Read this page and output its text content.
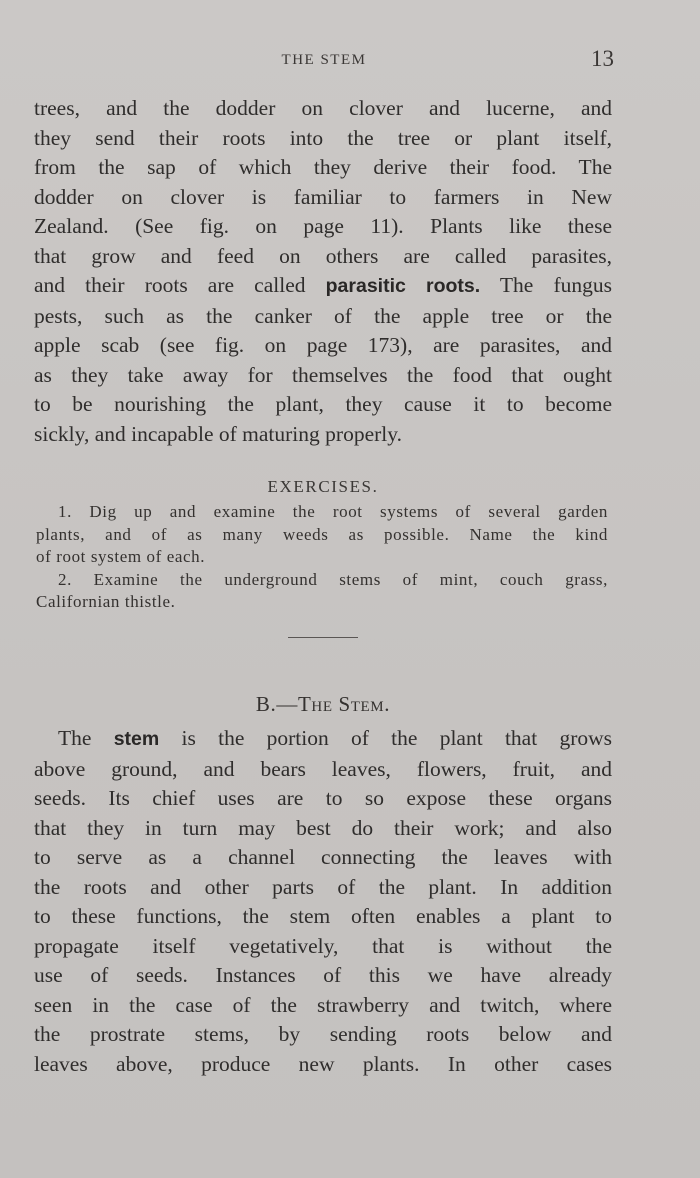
THE STEM	13
trees, and the dodder on clover and lucerne, and
they send their roots into the tree or plant itself,
from the sap of which they derive their food. The
dodder on clover is familiar to farmers in New
Zealand. (See fig. on page 11). Plants like these
that grow and feed on others are called parasites,
and their roots are called parasitic roots. The fungus
pests, such as the canker of the apple tree or the
apple scab (see fig. on page 173), are parasites, and
as they take away for themselves the food that ought
to be nourishing the plant, they cause it to become
sickly, and incapable of maturing properly.
EXERCISES.
1. Dig up and examine the root systems of several garden
plants, and of as many weeds as possible. Name the kind
of root system of each.
2. Examine the underground stems of mint, couch grass,
Californian thistle.
B.—The Stem.
The stem is the portion of the plant that grows
above ground, and bears leaves, flowers, fruit, and
seeds. Its chief uses are to so expose these organs
that they in turn may best do their work; and also
to serve as a channel connecting the leaves with
the roots and other parts of the plant. In addition
to these functions, the stem often enables a plant to
propagate itself vegetatively, that is without the
use of seeds. Instances of this we have already
seen in the case of the strawberry and twitch, where
the prostrate stems, by sending roots below and
leaves above, produce new plants. In other cases
